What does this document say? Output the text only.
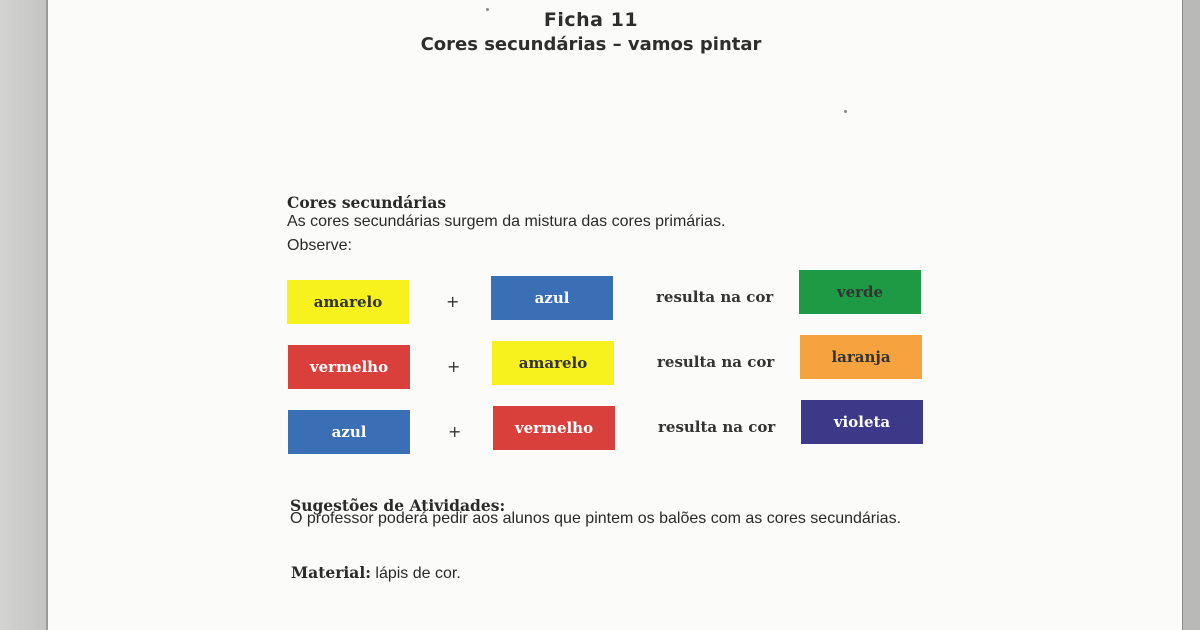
Ficha 11
Cores secundárias – vamos pintar
Cores secundárias
As cores secundárias surgem da mistura das cores primárias.
Observe:
amarelo	+	azul	resulta na cor	verde
vermelho	+	amarelo	resulta na cor	laranja
azul	+	vermelho	resulta na cor	violeta
Sugestões de Atividades:
O professor poderá pedir aos alunos que pintem os balões com as cores secundárias.
Material: lápis de cor.
